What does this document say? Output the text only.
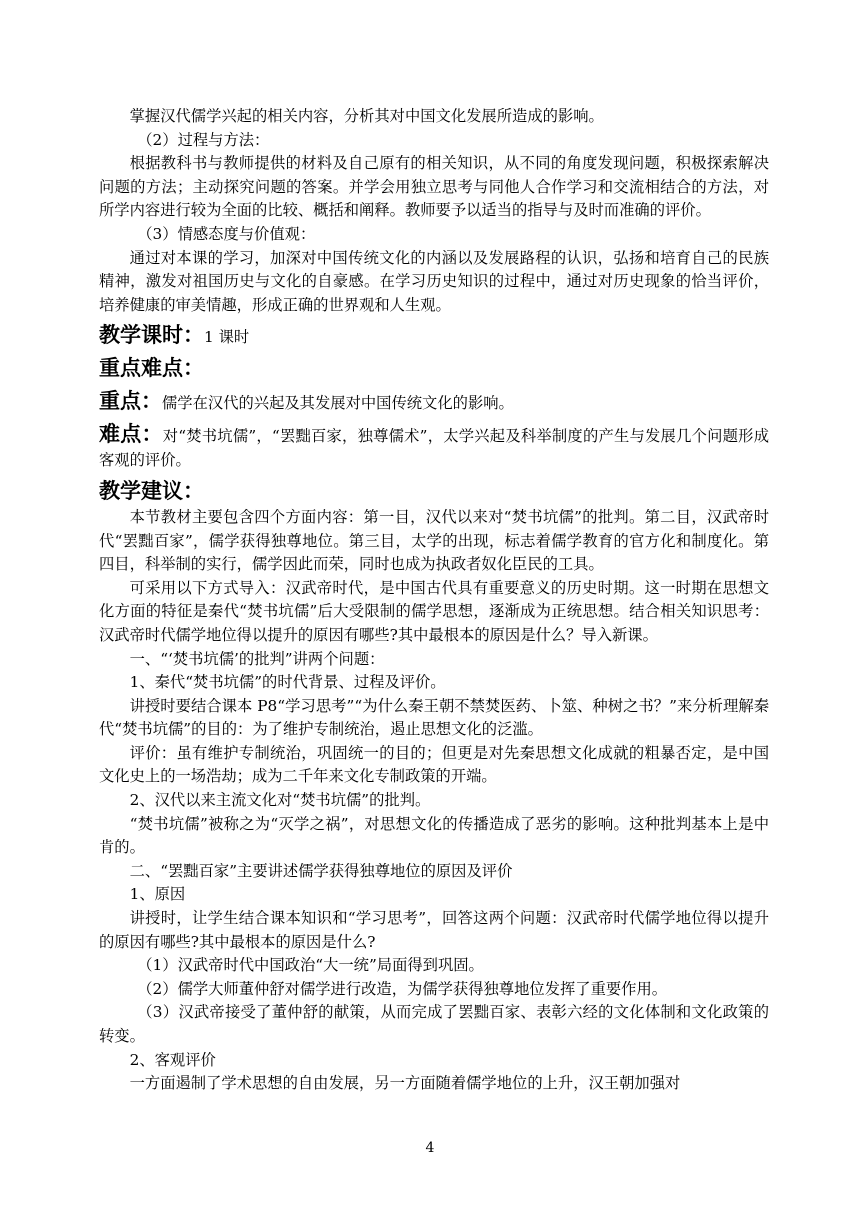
掌握汉代儒学兴起的相关内容，分析其对中国文化发展所造成的影响。

（2）过程与方法：

根据教科书与教师提供的材料及自己原有的相关知识，从不同的角度发现问题，积极探索解决问题的方法；主动探究问题的答案。并学会用独立思考与同他人合作学习和交流相结合的方法，对所学内容进行较为全面的比较、概括和阐释。教师要予以适当的指导与及时而准确的评价。

（3）情感态度与价值观：

通过对本课的学习，加深对中国传统文化的内涵以及发展路程的认识，弘扬和培育自己的民族精神，激发对祖国历史与文化的自豪感。在学习历史知识的过程中，通过对历史现象的恰当评价，培养健康的审美情趣，形成正确的世界观和人生观。

教学课时：1 课时
重点难点：
重点：儒学在汉代的兴起及其发展对中国传统文化的影响。
难点：对“焚书坑儒”，“罢黜百家，独尊儒术”，太学兴起及科举制度的产生与发展几个问题形成客观的评价。
教学建议：

本节教材主要包含四个方面内容：第一目，汉代以来对“焚书坑儒”的批判。第二目，汉武帝时代“罢黜百家”，儒学获得独尊地位。第三目，太学的出现，标志着儒学教育的官方化和制度化。第四目，科举制的实行，儒学因此而荣，同时也成为执政者奴化臣民的工具。

可采用以下方式导入：汉武帝时代，是中国古代具有重要意义的历史时期。这一时期在思想文化方面的特征是秦代“焚书坑儒”后大受限制的儒学思想，逐渐成为正统思想。结合相关知识思考：汉武帝时代儒学地位得以提升的原因有哪些?其中最根本的原因是什么？导入新课。

一、“‘焚书坑儒’的批判”讲两个问题：

1、秦代“焚书坑儒”的时代背景、过程及评价。

讲授时要结合课本 P8“学习思考”“为什么秦王朝不禁焚医药、卜筮、种树之书？”来分析理解秦代“焚书坑儒”的目的：为了维护专制统治，遏止思想文化的泛滥。

评价：虽有维护专制统治，巩固统一的目的；但更是对先秦思想文化成就的粗暴否定，是中国文化史上的一场浩劫；成为二千年来文化专制政策的开端。

2、汉代以来主流文化对“焚书坑儒”的批判。

“焚书坑儒”被称之为“灭学之祸”，对思想文化的传播造成了恶劣的影响。这种批判基本上是中肯的。

二、“罢黜百家”主要讲述儒学获得独尊地位的原因及评价

1、原因

讲授时，让学生结合课本知识和“学习思考”，回答这两个问题：汉武帝时代儒学地位得以提升的原因有哪些?其中最根本的原因是什么?

（1）汉武帝时代中国政治“大一统”局面得到巩固。

（2）儒学大师董仲舒对儒学进行改造，为儒学获得独尊地位发挥了重要作用。

（3）汉武帝接受了董仲舒的献策，从而完成了罢黜百家、表彰六经的文化体制和文化政策的转变。

2、客观评价

一方面遏制了学术思想的自由发展，另一方面随着儒学地位的上升，汉王朝加强对

4
